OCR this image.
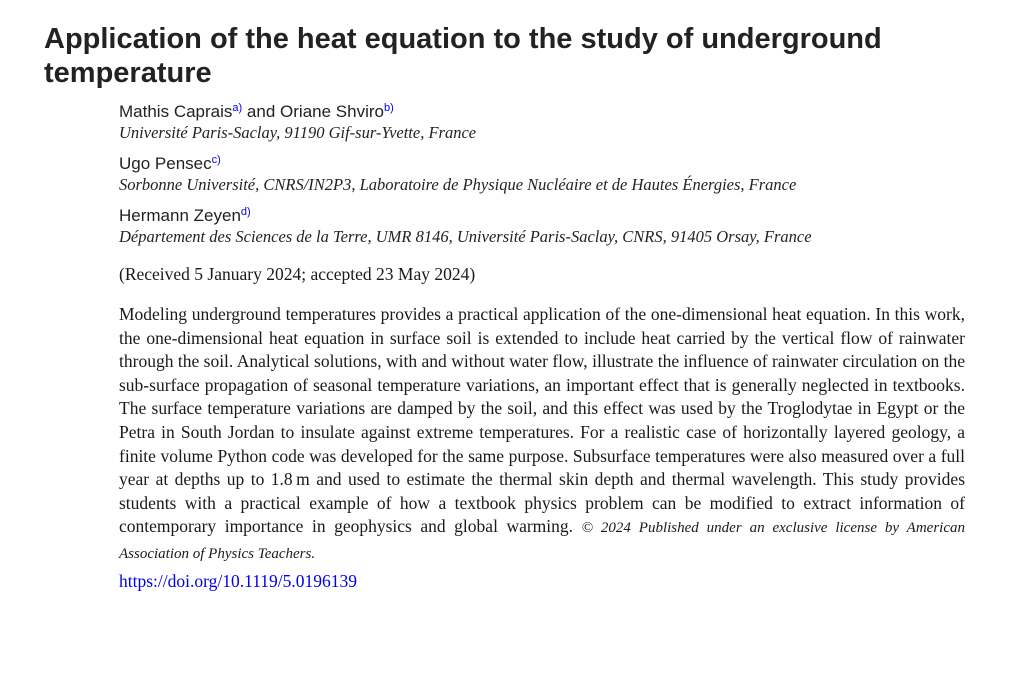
Application of the heat equation to the study of underground temperature
Mathis Caprais$^{a)}$ and Oriane Shviro$^{b)}$
Université Paris-Saclay, 91190 Gif-sur-Yvette, France
Ugo Pensec$^{c)}$
Sorbonne Université, CNRS/IN2P3, Laboratoire de Physique Nucléaire et de Hautes Énergies, France
Hermann Zeyen$^{d)}$
Département des Sciences de la Terre, UMR 8146, Université Paris-Saclay, CNRS, 91405 Orsay, France
(Received 5 January 2024; accepted 23 May 2024)
Modeling underground temperatures provides a practical application of the one-dimensional heat equation. In this work, the one-dimensional heat equation in surface soil is extended to include heat carried by the vertical flow of rainwater through the soil. Analytical solutions, with and without water flow, illustrate the influence of rainwater circulation on the sub-surface propagation of seasonal temperature variations, an important effect that is generally neglected in textbooks. The surface temperature variations are damped by the soil, and this effect was used by the Troglodytae in Egypt or the Petra in South Jordan to insulate against extreme temperatures. For a realistic case of horizontally layered geology, a finite volume Python code was developed for the same purpose. Subsurface temperatures were also measured over a full year at depths up to 1.8 m and used to estimate the thermal skin depth and thermal wavelength. This study provides students with a practical example of how a textbook physics problem can be modified to extract information of contemporary importance in geophysics and global warming. © 2024 Published under an exclusive license by American Association of Physics Teachers.
https://doi.org/10.1119/5.0196139
